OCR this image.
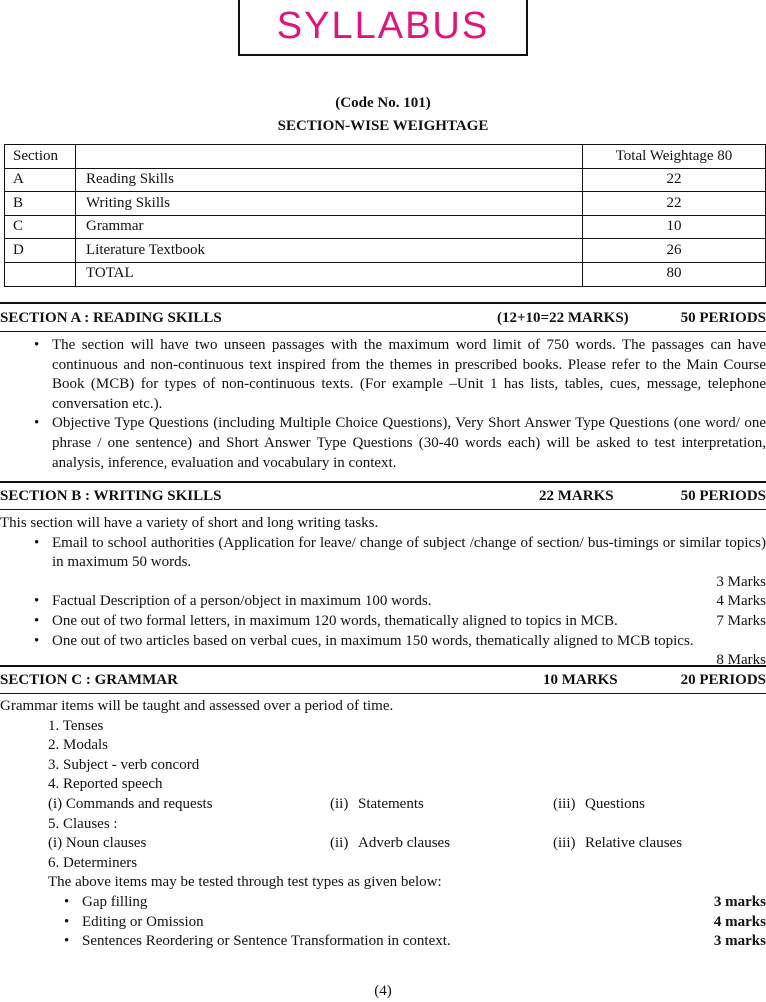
SYLLABUS
(Code No. 101)
SECTION-WISE WEIGHTAGE
Section		Total Weightage 80
A	Reading Skills	22
B	Writing Skills	22
C	Grammar	10
D	Literature Textbook	26
	TOTAL	80
SECTION A : READING SKILLS	(12+10=22 MARKS)	50 PERIODS
• The section will have two unseen passages with the maximum word limit of 750 words. The passages can have continuous and non-continuous text inspired from the themes in prescribed books. Please refer to the Main Course Book (MCB) for types of non-continuous texts. (For example –Unit 1 has lists, tables, cues, message, telephone conversation etc.).
• Objective Type Questions (including Multiple Choice Questions), Very Short Answer Type Questions (one word/ one phrase / one sentence) and Short Answer Type Questions (30-40 words each) will be asked to test interpretation, analysis, inference, evaluation and vocabulary in context.
SECTION B : WRITING SKILLS	22 MARKS	50 PERIODS
This section will have a variety of short and long writing tasks.
• Email to school authorities (Application for leave/ change of subject /change of section/ bus-timings or similar topics) in maximum 50 words.

3 Marks
• Factual Description of a person/object in maximum 100 words.	4 Marks
• One out of two formal letters, in maximum 120 words, thematically aligned to topics in MCB.	7 Marks
• One out of two articles based on verbal cues, in maximum 150 words, thematically aligned to MCB topics.

8 Marks
SECTION C : GRAMMAR	10 MARKS	20 PERIODS
Grammar items will be taught and assessed over a period of time.
1. Tenses
2. Modals
3. Subject - verb concord
4. Reported speech
(i) Commands and requests	(ii) Statements	(iii) Questions
5. Clauses :
(i) Noun clauses	(ii) Adverb clauses	(iii) Relative clauses
6. Determiners
The above items may be tested through test types as given below:
• Gap filling	3 marks
• Editing or Omission	4 marks
• Sentences Reordering or Sentence Transformation in context.	3 marks
(4)
